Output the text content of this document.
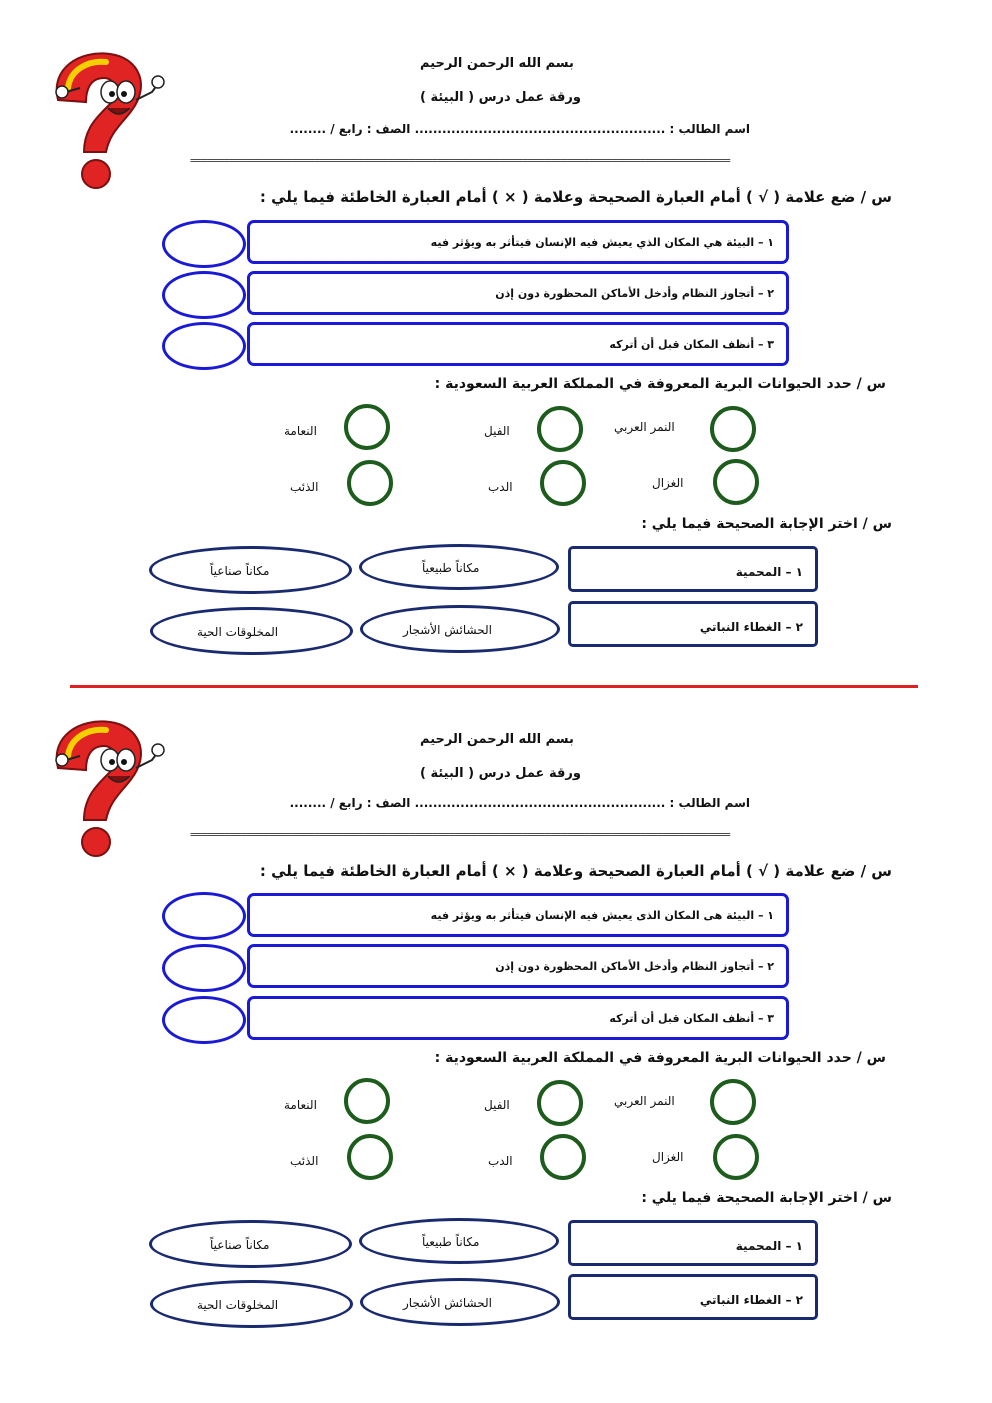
بسم الله الرحمن الرحيم
ورقة عمل درس ( البيئة )
اسم الطالب : ....................................................... الصف : رابع / ........
================================================================================================
س / ضع علامة ( √ ) أمام العبارة الصحيحة وعلامة ( × ) أمام العبارة الخاطئة فيما يلي :
١ – البيئة هي المكان الذي يعيش فيه الإنسان فيتأثر به ويؤثر فيه
٢ – أتجاوز النظام وأدخل الأماكن المحظورة دون إذن
٣ – أنظف المكان قبل أن أتركه
س / حدد الحيوانات البرية المعروفة في المملكة العربية السعودية :
النمر العربي
الفيل
النعامة
الغزال
الدب
الذئب
س / اختر الإجابة الصحيحة فيما يلي :
١ – المحمية
مكاناً طبيعياً
مكاناً صناعياً
٢ – الغطاء النباتي
الحشائش الأشجار
المخلوقات الحية
بسم الله الرحمن الرحيم
ورقة عمل درس ( البيئة )
اسم الطالب : ....................................................... الصف : رابع / ........
================================================================================================
س / ضع علامة ( √ ) أمام العبارة الصحيحة وعلامة ( × ) أمام العبارة الخاطئة فيما يلي :
١ – البيئة هى المكان الذى يعيش فيه الإنسان فيتأثر به ويؤثر فيه
٢ – أتجاوز النظام وأدخل الأماكن المحظورة دون إذن
٣ – أنظف المكان قبل أن أتركه
س / حدد الحيوانات البرية المعروفة في المملكة العربية السعودية :
النمر العربي
الفيل
النعامة
الغزال
الدب
الذئب
س / اختر الإجابة الصحيحة فيما يلي :
١ – المحمية
مكاناً طبيعياً
مكاناً صناعياً
٢ – الغطاء النباتي
الحشائش الأشجار
المخلوقات الحية
